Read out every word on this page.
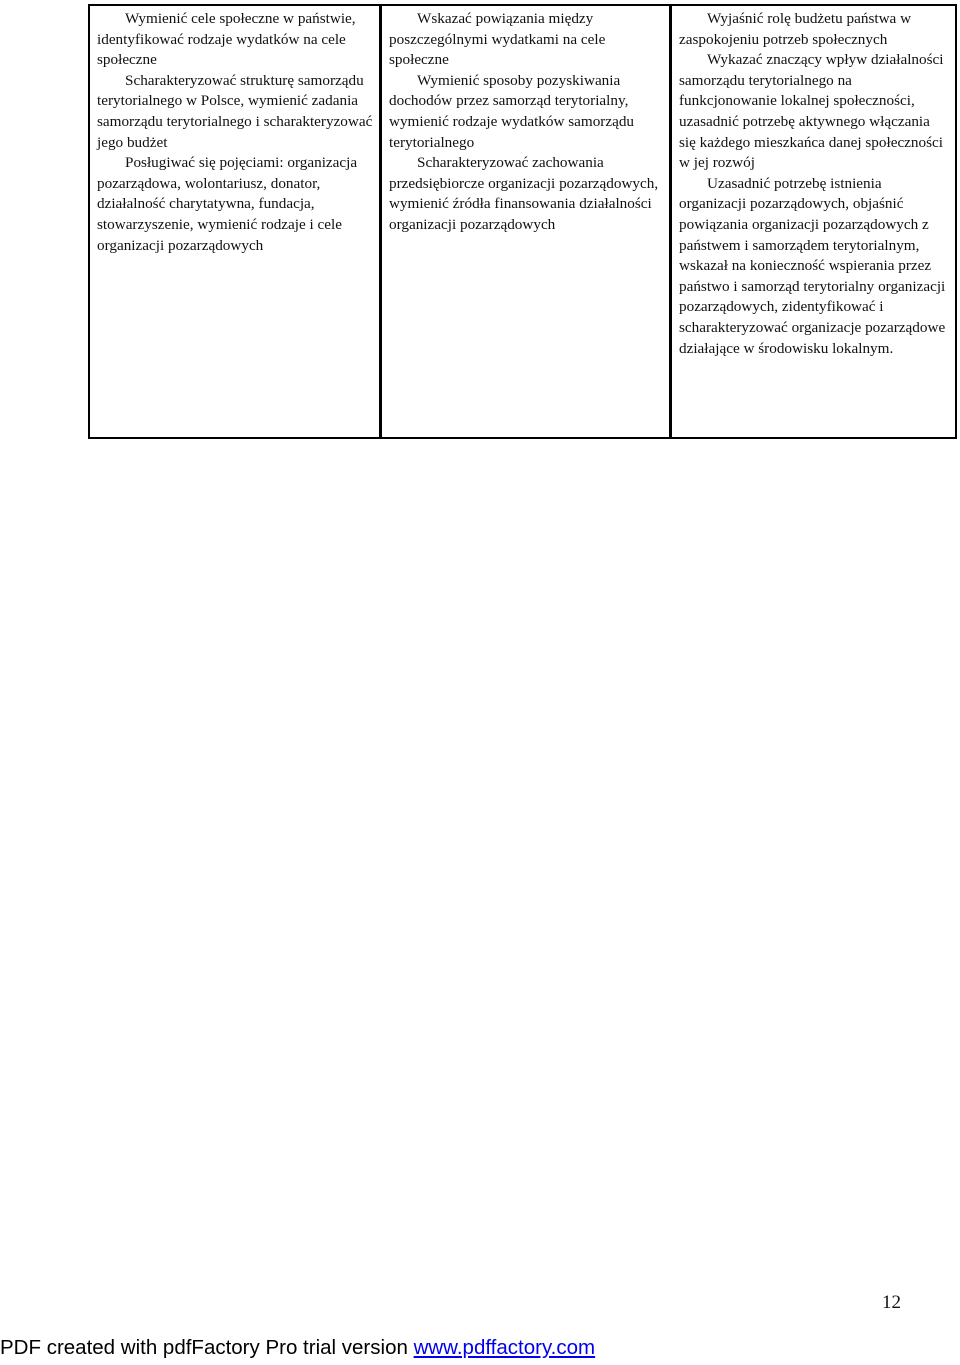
Wymienić cele społeczne w państwie, identyfikować rodzaje wydatków na cele społeczne

Scharakteryzować strukturę samorządu terytorialnego w Polsce, wymienić zadania samorządu terytorialnego i scharakteryzować jego budżet

Posługiwać się pojęciami: organizacja pozarządowa, wolontariusz, donator, działalność charytatywna, fundacja, stowarzyszenie, wymienić rodzaje i cele organizacji pozarządowych

Wskazać powiązania między poszczególnymi wydatkami na cele społeczne

Wymienić sposoby pozyskiwania dochodów przez samorząd terytorialny, wymienić rodzaje wydatków samorządu terytorialnego

Scharakteryzować zachowania przedsiębiorcze organizacji pozarządowych, wymienić źródła finansowania działalności organizacji pozarządowych

Wyjaśnić rolę budżetu państwa w zaspokojeniu potrzeb społecznych

Wykazać znaczący wpływ działalności samorządu terytorialnego na funkcjonowanie lokalnej społeczności, uzasadnić potrzebę aktywnego włączania się każdego mieszkańca danej społeczności w jej rozwój

Uzasadnić potrzebę istnienia organizacji pozarządowych, objaśnić powiązania organizacji pozarządowych z państwem i samorządem terytorialnym, wskazał na konieczność wspierania przez państwo i samorząd terytorialny organizacji pozarządowych, zidentyfikować i scharakteryzować organizacje pozarządowe działające w środowisku lokalnym.

12
PDF created with pdfFactory Pro trial version www.pdffactory.com
